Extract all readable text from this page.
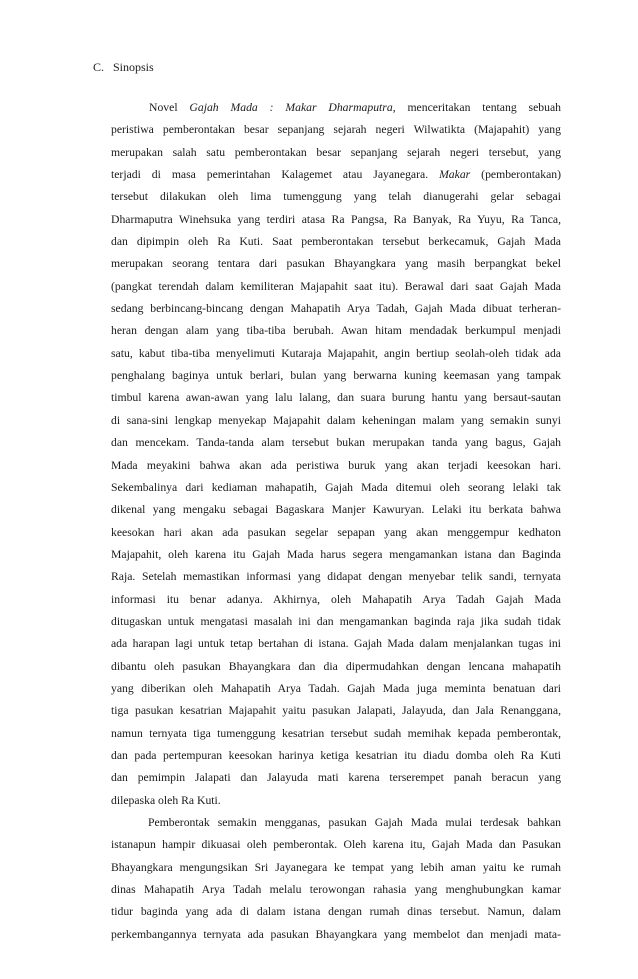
C. Sinopsis
Novel Gajah Mada : Makar Dharmaputra, menceritakan tentang sebuah
peristiwa pemberontakan besar sepanjang sejarah negeri Wilwatikta (Majapahit) yang
merupakan salah satu pemberontakan besar sepanjang sejarah negeri tersebut, yang
terjadi di masa pemerintahan Kalagemet atau Jayanegara. Makar (pemberontakan)
tersebut dilakukan oleh lima tumenggung yang telah dianugerahi gelar sebagai
Dharmaputra Winehsuka yang terdiri atasa Ra Pangsa, Ra Banyak, Ra Yuyu, Ra Tanca,
dan dipimpin oleh Ra Kuti. Saat pemberontakan tersebut berkecamuk, Gajah Mada
merupakan seorang tentara dari pasukan Bhayangkara yang masih berpangkat bekel
(pangkat terendah dalam kemiliteran Majapahit saat itu). Berawal dari saat Gajah Mada
sedang berbincang-bincang dengan Mahapatih Arya Tadah, Gajah Mada dibuat terheran-
heran dengan alam yang tiba-tiba berubah. Awan hitam mendadak berkumpul menjadi
satu, kabut tiba-tiba menyelimuti Kutaraja Majapahit, angin bertiup seolah-oleh tidak ada
penghalang baginya untuk berlari, bulan yang berwarna kuning keemasan yang tampak
timbul karena awan-awan yang lalu lalang, dan suara burung hantu yang bersaut-sautan
di sana-sini lengkap menyekap Majapahit dalam keheningan malam yang semakin sunyi
dan mencekam. Tanda-tanda alam tersebut bukan merupakan tanda yang bagus, Gajah
Mada meyakini bahwa akan ada peristiwa buruk yang akan terjadi keesokan hari.
Sekembalinya dari kediaman mahapatih, Gajah Mada ditemui oleh seorang lelaki tak
dikenal yang mengaku sebagai Bagaskara Manjer Kawuryan. Lelaki itu berkata bahwa
keesokan hari akan ada pasukan segelar sepapan yang akan menggempur kedhaton
Majapahit, oleh karena itu Gajah Mada harus segera mengamankan istana dan Baginda
Raja. Setelah memastikan informasi yang didapat dengan menyebar telik sandi, ternyata
informasi itu benar adanya. Akhirnya, oleh Mahapatih Arya Tadah Gajah Mada
ditugaskan untuk mengatasi masalah ini dan mengamankan baginda raja jika sudah tidak
ada harapan lagi untuk tetap bertahan di istana. Gajah Mada dalam menjalankan tugas ini
dibantu oleh pasukan Bhayangkara dan dia dipermudahkan dengan lencana mahapatih
yang diberikan oleh Mahapatih Arya Tadah. Gajah Mada juga meminta benatuan dari
tiga pasukan kesatrian Majapahit yaitu pasukan Jalapati, Jalayuda, dan Jala Renanggana,
namun ternyata tiga tumenggung kesatrian tersebut sudah memihak kepada pemberontak,
dan pada pertempuran keesokan harinya ketiga kesatrian itu diadu domba oleh Ra Kuti
dan pemimpin Jalapati dan Jalayuda mati karena terserempet panah beracun yang
dilepaska oleh Ra Kuti.
Pemberontak semakin mengganas, pasukan Gajah Mada mulai terdesak bahkan
istanapun hampir dikuasai oleh pemberontak. Oleh karena itu, Gajah Mada dan Pasukan
Bhayangkara mengungsikan Sri Jayanegara ke tempat yang lebih aman yaitu ke rumah
dinas Mahapatih Arya Tadah melalu terowongan rahasia yang menghubungkan kamar
tidur baginda yang ada di dalam istana dengan rumah dinas tersebut. Namun, dalam
perkembangannya ternyata ada pasukan Bhayangkara yang membelot dan menjadi mata-
